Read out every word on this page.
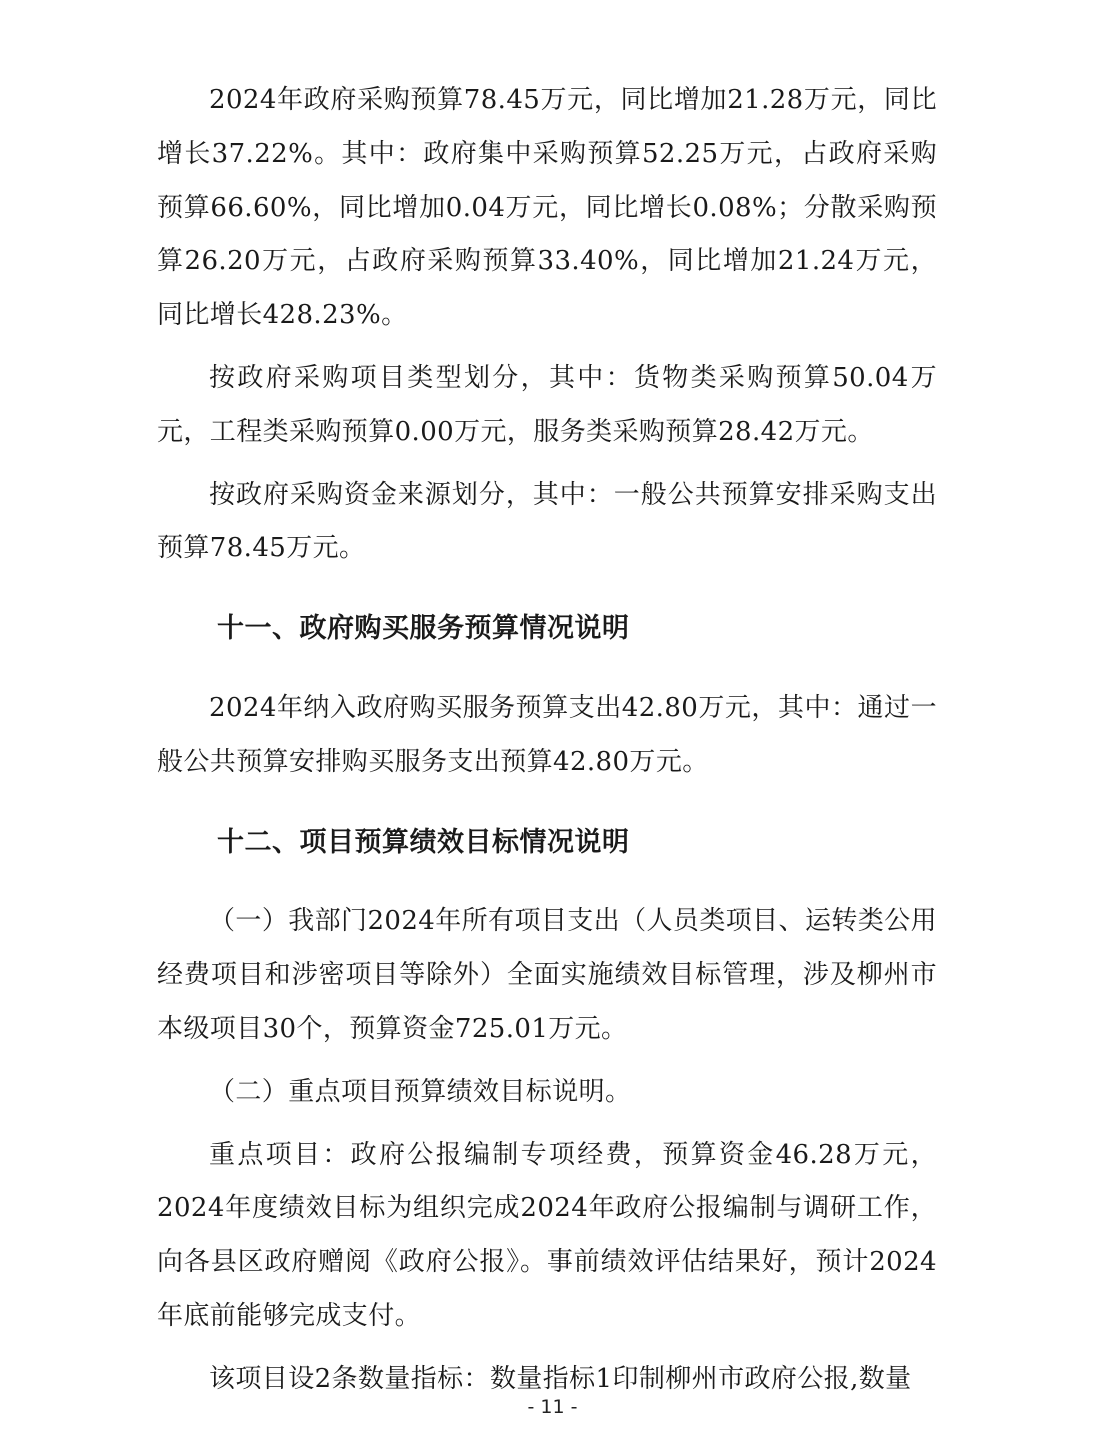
2024年政府采购预算78.45万元，同比增加21.28万元，同比增长37.22%。其中：政府集中采购预算52.25万元，占政府采购预算66.60%，同比增加0.04万元，同比增长0.08%；分散采购预算26.20万元，占政府采购预算33.40%，同比增加21.24万元，同比增长428.23%。

按政府采购项目类型划分，其中：货物类采购预算50.04万元，工程类采购预算0.00万元，服务类采购预算28.42万元。

按政府采购资金来源划分，其中：一般公共预算安排采购支出预算78.45万元。

十一、政府购买服务预算情况说明

2024年纳入政府购买服务预算支出42.80万元，其中：通过一般公共预算安排购买服务支出预算42.80万元。

十二、项目预算绩效目标情况说明

（一）我部门2024年所有项目支出（人员类项目、运转类公用经费项目和涉密项目等除外）全面实施绩效目标管理，涉及柳州市本级项目30个，预算资金725.01万元。

（二）重点项目预算绩效目标说明。

重点项目：政府公报编制专项经费，预算资金46.28万元，2024年度绩效目标为组织完成2024年政府公报编制与调研工作，向各县区政府赠阅《政府公报》。事前绩效评估结果好，预计2024年底前能够完成支付。

该项目设2条数量指标：数量指标1印制柳州市政府公报,数量

- 11 -
